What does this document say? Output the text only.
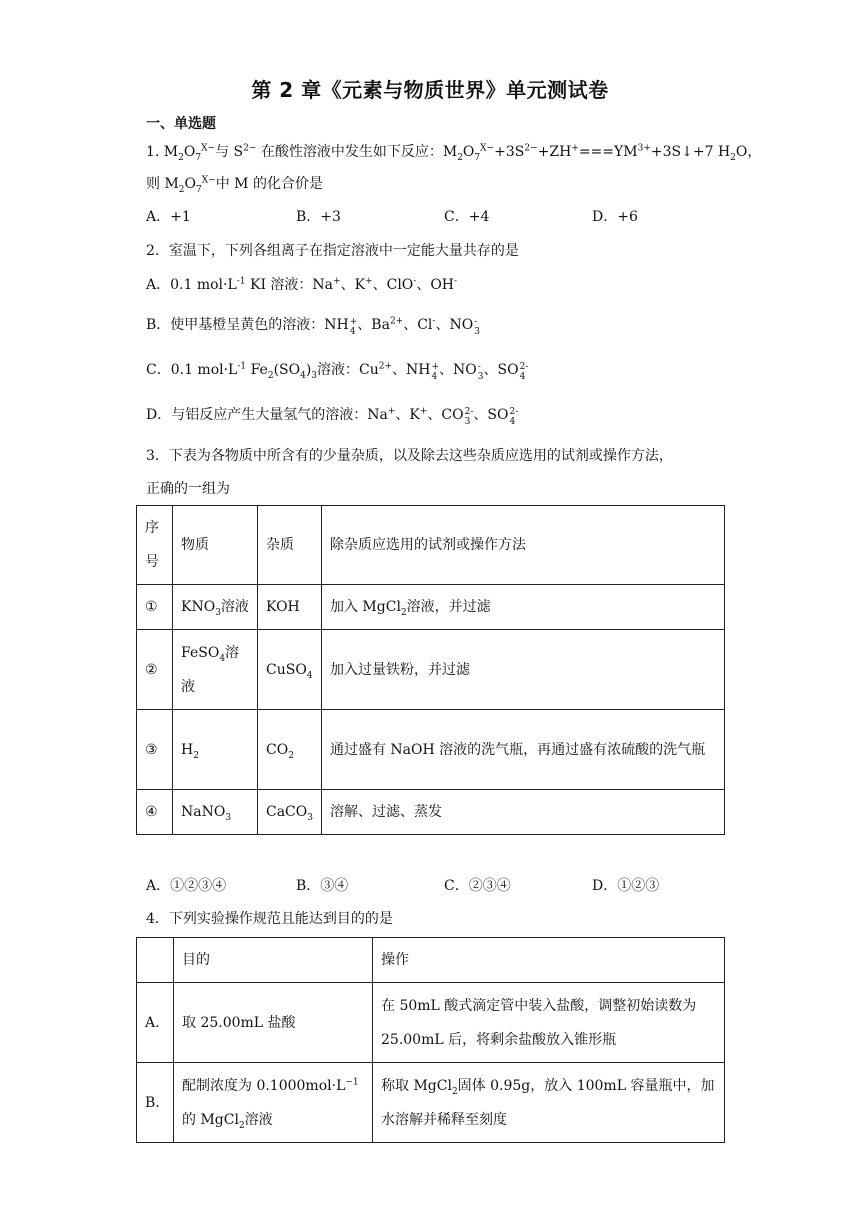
第 2 章《元素与物质世界》单元测试卷
一、单选题
1. $M_2O_7^{X-}$与 $S^{2-}$ 在酸性溶液中发生如下反应：$M_2O_7^{X-}+3S^{2-}+ZH^+===YM^{3+}+3S↓+7$ $H_2O$，
则 $M_2O_7^{X-}$中 M 的化合价是
A．+1	B．+3	C．+4	D．+6
2．室温下，下列各组离子在指定溶液中一定能大量共存的是
A．0.1 $mol\cdot L^{-1}$ KI 溶液：Na+、K+、ClO-、OH-
B．使甲基橙呈黄色的溶液：NH +
4 、$Ba^{2+}$、Cl-、NO -
3
C．0.1 $mol\cdot L^{-1}$ $Fe_2(SO_4)_3$溶液：$Cu^{2+}$、NH +
4 、NO -
3 、SO 2-
4
D．与铝反应产生大量氢气的溶液：Na+、K+、CO 2-
3 、SO 2-
4
3．下表为各物质中所含有的少量杂质，以及除去这些杂质应选用的试剂或操作方法，
正确的一组为
序号	物质	杂质	除杂质应选用的试剂或操作方法
①	$KNO_3$溶液	KOH	加入 MgCl$_2$溶液，并过滤
②	FeSO$_4$溶液	CuSO$_4$	加入过量铁粉，并过滤
③	$H_2$	$CO_2$	通过盛有 NaOH 溶液的洗气瓶，再通过盛有浓硫酸的洗气瓶
④	NaNO$_3$	CaCO$_3$	溶解、过滤、蒸发
A．①②③④	B．③④	C．②③④	D．①②③
4．下列实验操作规范且能达到目的的是
	目的	操作
A.	取 25.00mL 盐酸	在 50mL 酸式滴定管中装入盐酸，调整初始读数为 25.00mL 后，将剩余盐酸放入锥形瓶
B.	配制浓度为 $0.1000mol\cdot L^{-1}$
的 MgCl$_2$溶液	称取 MgCl$_2$固体 0.95g，放入 100mL 容量瓶中，加水溶解并稀释至刻度
